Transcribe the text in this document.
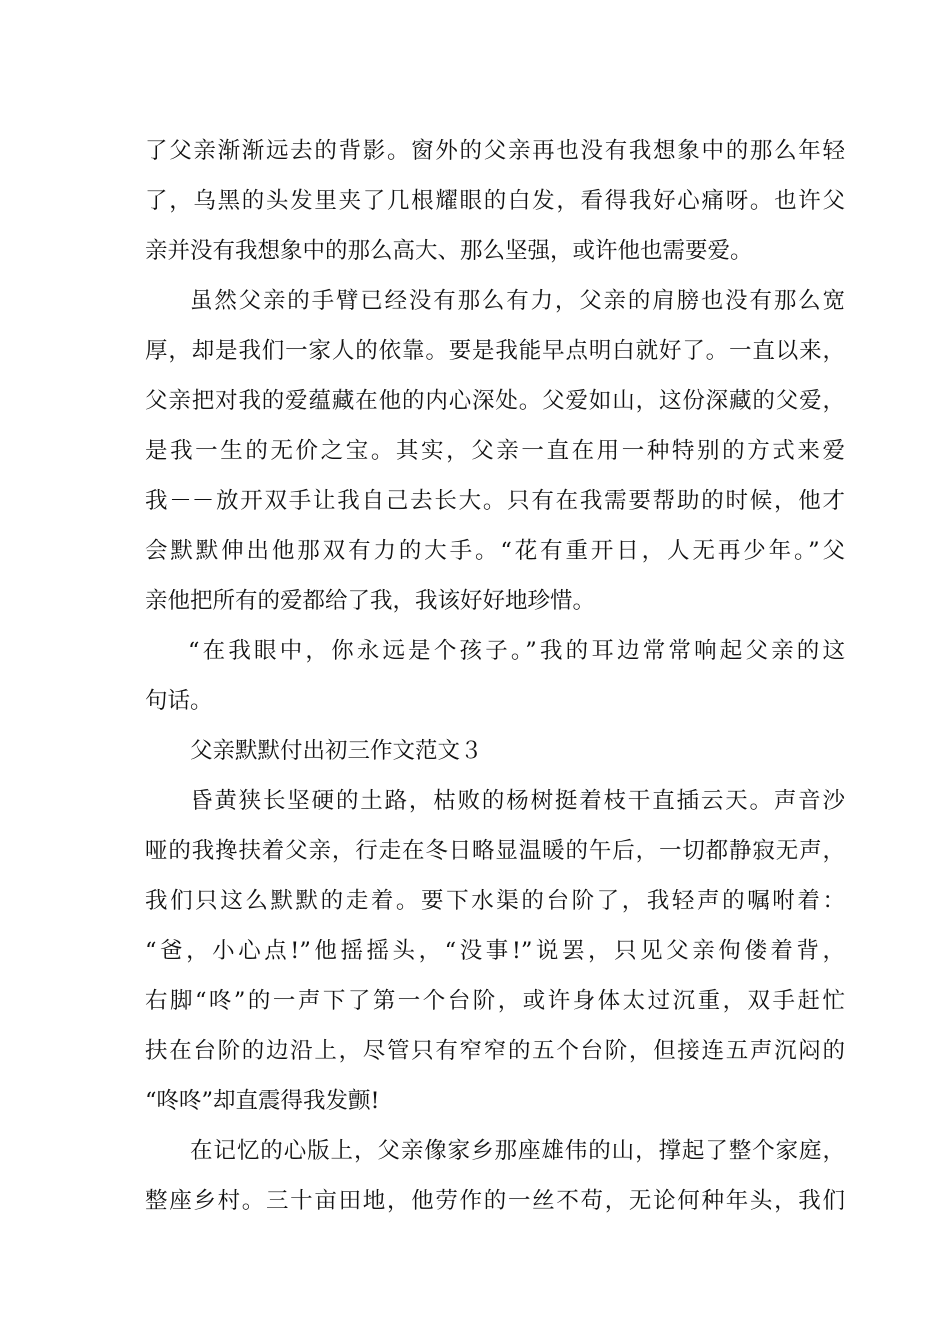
了父亲渐渐远去的背影。窗外的父亲再也没有我想象中的那么年轻

了，乌黑的头发里夹了几根耀眼的白发，看得我好心痛呀。也许父

亲并没有我想象中的那么高大、那么坚强，或许他也需要爱。

虽然父亲的手臂已经没有那么有力，父亲的肩膀也没有那么宽

厚，却是我们一家人的依靠。要是我能早点明白就好了。一直以来，

父亲把对我的爱蕴藏在他的内心深处。父爱如山，这份深藏的父爱，

是我一生的无价之宝。其实，父亲一直在用一种特别的方式来爱

我－－放开双手让我自己去长大。只有在我需要帮助的时候，他才

会默默伸出他那双有力的大手。“花有重开日，人无再少年。”父

亲他把所有的爱都给了我，我该好好地珍惜。

“在我眼中，你永远是个孩子。”我的耳边常常响起父亲的这

句话。

父亲默默付出初三作文范文３

昏黄狭长坚硬的土路，枯败的杨树挺着枝干直插云天。声音沙

哑的我搀扶着父亲，行走在冬日略显温暖的午后，一切都静寂无声，

我们只这么默默的走着。要下水渠的台阶了，我轻声的嘱咐着：

“爸，小心点!”他摇摇头，“没事!”说罢，只见父亲佝偻着背，

右脚“咚”的一声下了第一个台阶，或许身体太过沉重，双手赶忙

扶在台阶的边沿上，尽管只有窄窄的五个台阶，但接连五声沉闷的

“咚咚”却直震得我发颤!

在记忆的心版上，父亲像家乡那座雄伟的山，撑起了整个家庭，

整座乡村。三十亩田地，他劳作的一丝不苟，无论何种年头，我们
